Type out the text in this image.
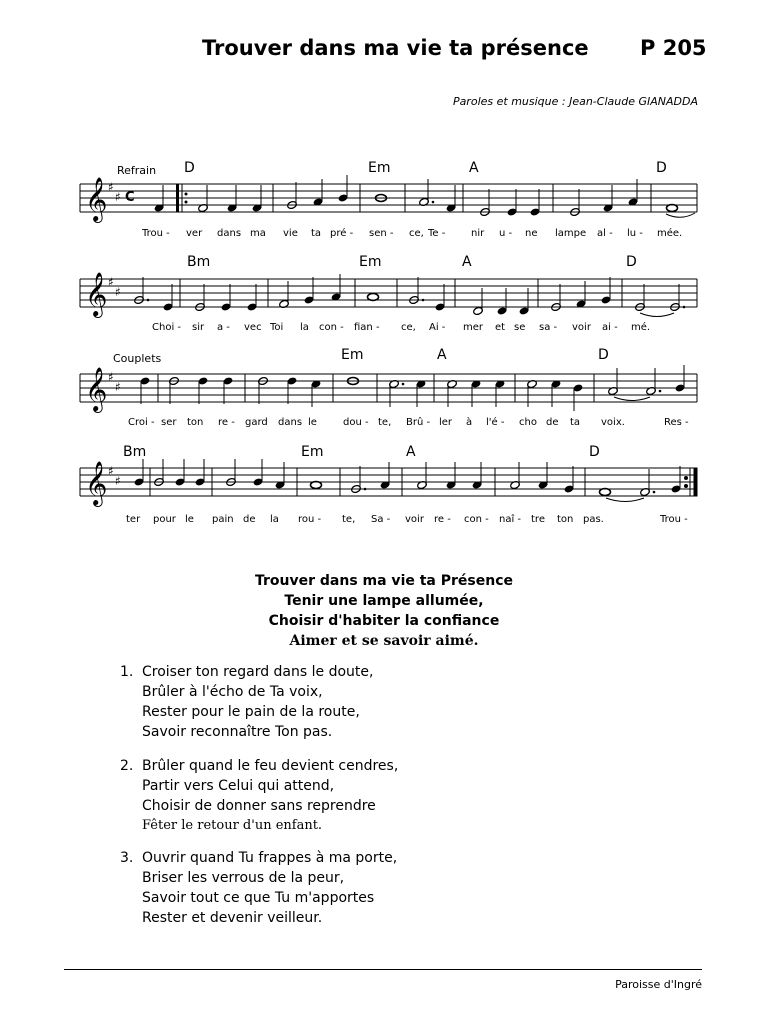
Trouver dans ma vie ta présence P 205
Paroles et musique : Jean-Claude GIANADDA
Refrain D	Em	A	D
𝄞 ♯
♯ C
Trou - ver dans ma vie ta pré - sen - ce, Te -	nir u - ne lampe al - lu - mée.
Bm	Em	A	D
𝄞 ♯
♯
Choi - sir a - vec Toi la con - fian - ce, Ai - mer et se sa - voir ai - mé.
Couplets	Em	A	D
𝄞 ♯
♯
Croi - ser ton re - gard dans le	dou - te, Brû - ler à l'é - cho de ta voix.	Res -
Bm	Em	A	D
𝄞 ♯
♯
ter pour le pain de la rou - te, Sa - voir re - con - naî - tre ton pas.	Trou -
Trouver dans ma vie ta Présence
Tenir une lampe allumée,
Choisir d'habiter la confiance
Aimer et se savoir aimé.
1. Croiser ton regard dans le doute,
Brûler à l'écho de Ta voix,
Rester pour le pain de la route,
Savoir reconnaître Ton pas.
2. Brûler quand le feu devient cendres,
Partir vers Celui qui attend,
Choisir de donner sans reprendre
Fêter le retour d'un enfant.
3. Ouvrir quand Tu frappes à ma porte,
Briser les verrous de la peur,
Savoir tout ce que Tu m'apportes
Rester et devenir veilleur.
Paroisse d'Ingré
